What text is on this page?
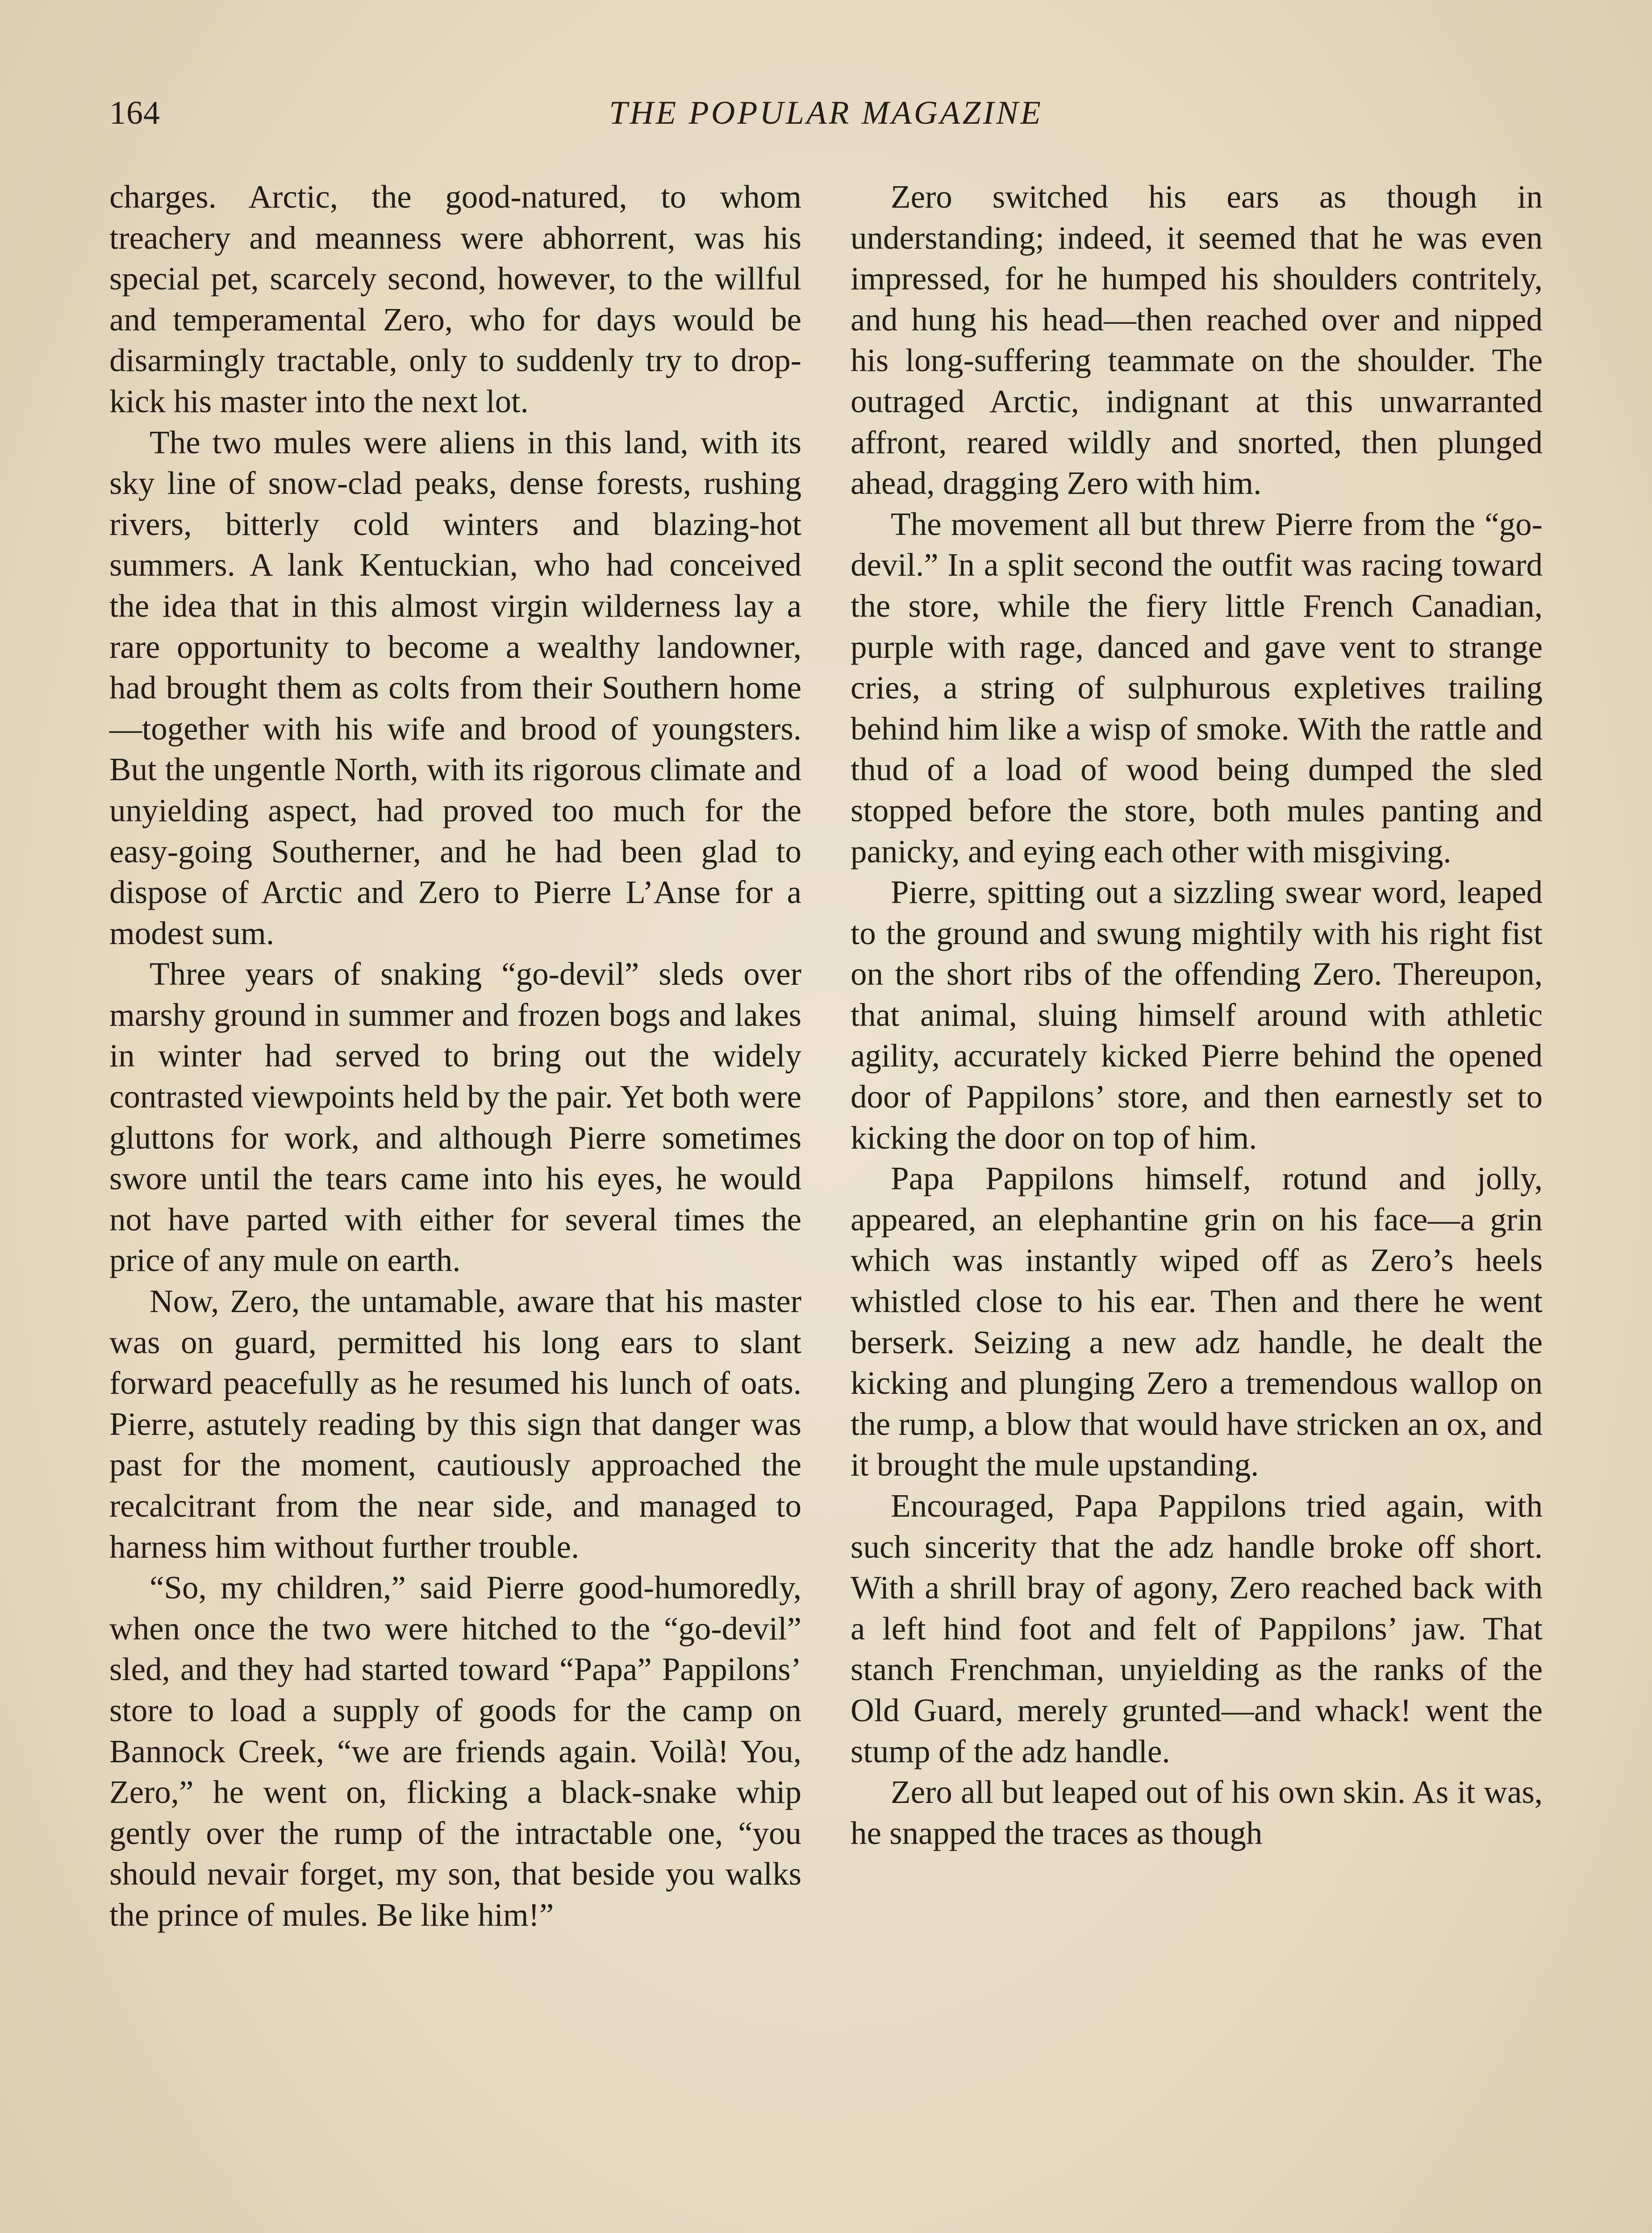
164	THE POPULAR MAGAZINE

charges. Arctic, the good-natured, to whom treachery and meanness were abhorrent, was his special pet, scarcely second, however, to the willful and temperamental Zero, who for days would be disarmingly tractable, only to suddenly try to drop-kick his master into the next lot.

The two mules were aliens in this land, with its sky line of snow-clad peaks, dense forests, rushing rivers, bitterly cold winters and blazing-hot summers. A lank Kentuckian, who had conceived the idea that in this almost virgin wilderness lay a rare opportunity to become a wealthy landowner, had brought them as colts from their Southern home—together with his wife and brood of youngsters. But the ungentle North, with its rigorous climate and unyielding aspect, had proved too much for the easy-going Southerner, and he had been glad to dispose of Arctic and Zero to Pierre L’Anse for a modest sum.

Three years of snaking “go-devil” sleds over marshy ground in summer and frozen bogs and lakes in winter had served to bring out the widely contrasted viewpoints held by the pair. Yet both were gluttons for work, and although Pierre sometimes swore until the tears came into his eyes, he would not have parted with either for several times the price of any mule on earth.

Now, Zero, the untamable, aware that his master was on guard, permitted his long ears to slant forward peacefully as he resumed his lunch of oats. Pierre, astutely reading by this sign that danger was past for the moment, cautiously approached the recalcitrant from the near side, and managed to harness him without further trouble.

“So, my children,” said Pierre good-humoredly, when once the two were hitched to the “go-devil” sled, and they had started toward “Papa” Pappilons’ store to load a supply of goods for the camp on Bannock Creek, “we are friends again. Voilà! You, Zero,” he went on, flicking a black-snake whip gently over the rump of the intractable one, “you should nevair forget, my son, that beside you walks the prince of mules. Be like him!”

Zero switched his ears as though in understanding; indeed, it seemed that he was even impressed, for he humped his shoulders contritely, and hung his head—then reached over and nipped his long-suffering teammate on the shoulder. The outraged Arctic, indignant at this unwarranted affront, reared wildly and snorted, then plunged ahead, dragging Zero with him.

The movement all but threw Pierre from the “go-devil.” In a split second the outfit was racing toward the store, while the fiery little French Canadian, purple with rage, danced and gave vent to strange cries, a string of sulphurous expletives trailing behind him like a wisp of smoke. With the rattle and thud of a load of wood being dumped the sled stopped before the store, both mules panting and panicky, and eying each other with misgiving.

Pierre, spitting out a sizzling swear word, leaped to the ground and swung mightily with his right fist on the short ribs of the offending Zero. Thereupon, that animal, sluing himself around with athletic agility, accurately kicked Pierre behind the opened door of Pappilons’ store, and then earnestly set to kicking the door on top of him.

Papa Pappilons himself, rotund and jolly, appeared, an elephantine grin on his face—a grin which was instantly wiped off as Zero’s heels whistled close to his ear. Then and there he went berserk. Seizing a new adz handle, he dealt the kicking and plunging Zero a tremendous wallop on the rump, a blow that would have stricken an ox, and it brought the mule upstanding.

Encouraged, Papa Pappilons tried again, with such sincerity that the adz handle broke off short. With a shrill bray of agony, Zero reached back with a left hind foot and felt of Pappilons’ jaw. That stanch Frenchman, unyielding as the ranks of the Old Guard, merely grunted—and whack! went the stump of the adz handle.

Zero all but leaped out of his own skin. As it was, he snapped the traces as though
